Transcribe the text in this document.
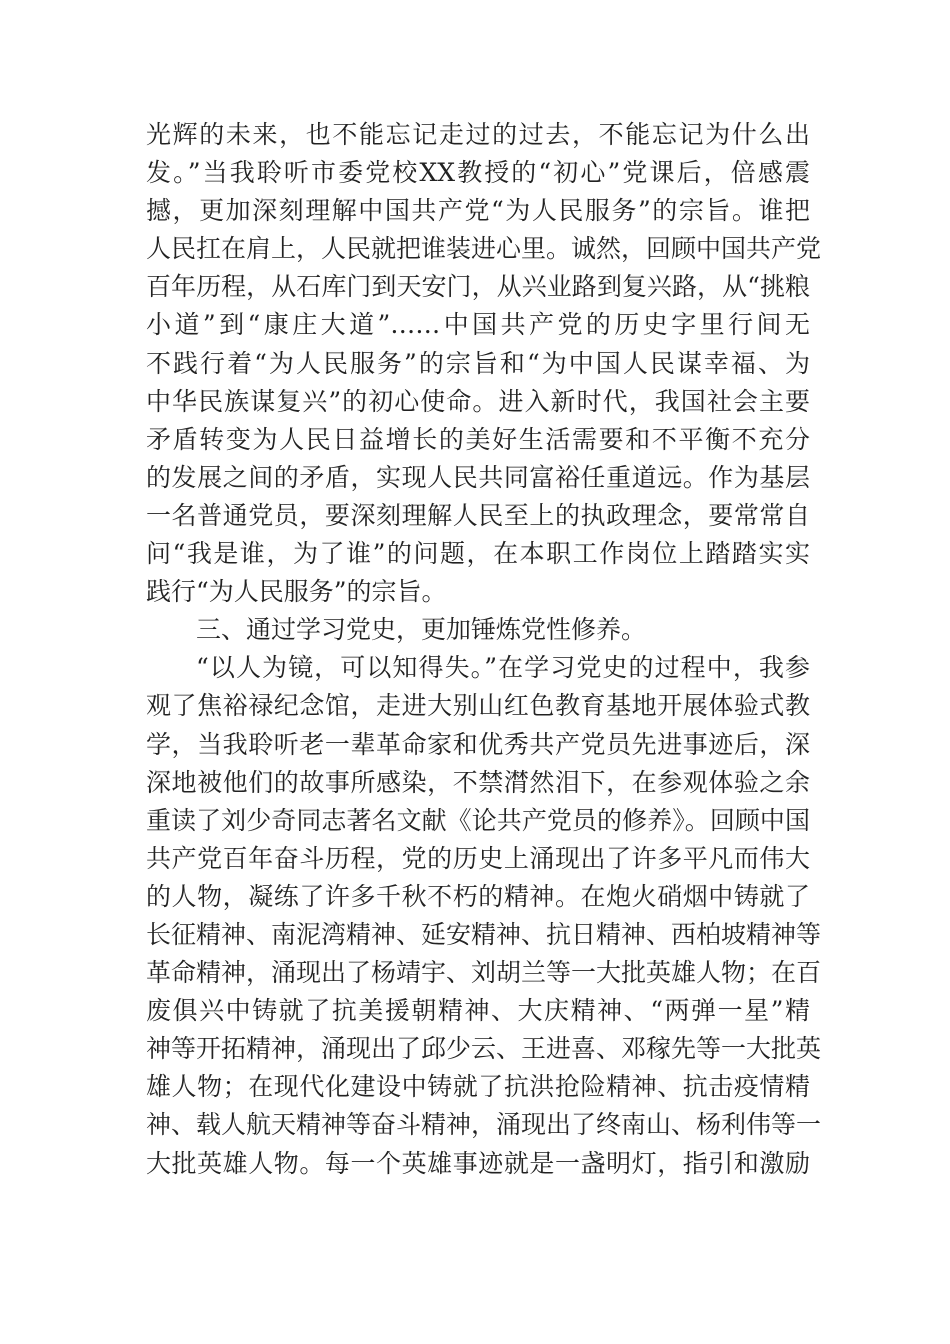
光辉的未来，也不能忘记走过的过去，不能忘记为什么出
发。”当我聆听市委党校XX教授的“初心”党课后，倍感震
撼，更加深刻理解中国共产党“为人民服务”的宗旨。谁把
人民扛在肩上，人民就把谁装进心里。诚然，回顾中国共产党
百年历程，从石库门到天安门，从兴业路到复兴路，从“挑粮
小道”到“康庄大道”……中国共产党的历史字里行间无
不践行着“为人民服务”的宗旨和“为中国人民谋幸福、为
中华民族谋复兴”的初心使命。进入新时代，我国社会主要
矛盾转变为人民日益增长的美好生活需要和不平衡不充分
的发展之间的矛盾，实现人民共同富裕任重道远。作为基层
一名普通党员，要深刻理解人民至上的执政理念，要常常自
问“我是谁，为了谁”的问题，在本职工作岗位上踏踏实实
践行“为人民服务”的宗旨。
三、通过学习党史，更加锤炼党性修养。
“以人为镜，可以知得失。”在学习党史的过程中，我参
观了焦裕禄纪念馆，走进大别山红色教育基地开展体验式教
学，当我聆听老一辈革命家和优秀共产党员先进事迹后，深
深地被他们的故事所感染，不禁潸然泪下，在参观体验之余
重读了刘少奇同志著名文献《论共产党员的修养》。回顾中国
共产党百年奋斗历程，党的历史上涌现出了许多平凡而伟大
的人物，凝练了许多千秋不朽的精神。在炮火硝烟中铸就了
长征精神、南泥湾精神、延安精神、抗日精神、西柏坡精神等
革命精神，涌现出了杨靖宇、刘胡兰等一大批英雄人物；在百
废俱兴中铸就了抗美援朝精神、大庆精神、“两弹一星”精
神等开拓精神，涌现出了邱少云、王进喜、邓稼先等一大批英
雄人物；在现代化建设中铸就了抗洪抢险精神、抗击疫情精
神、载人航天精神等奋斗精神，涌现出了终南山、杨利伟等一
大批英雄人物。每一个英雄事迹就是一盏明灯，指引和激励
